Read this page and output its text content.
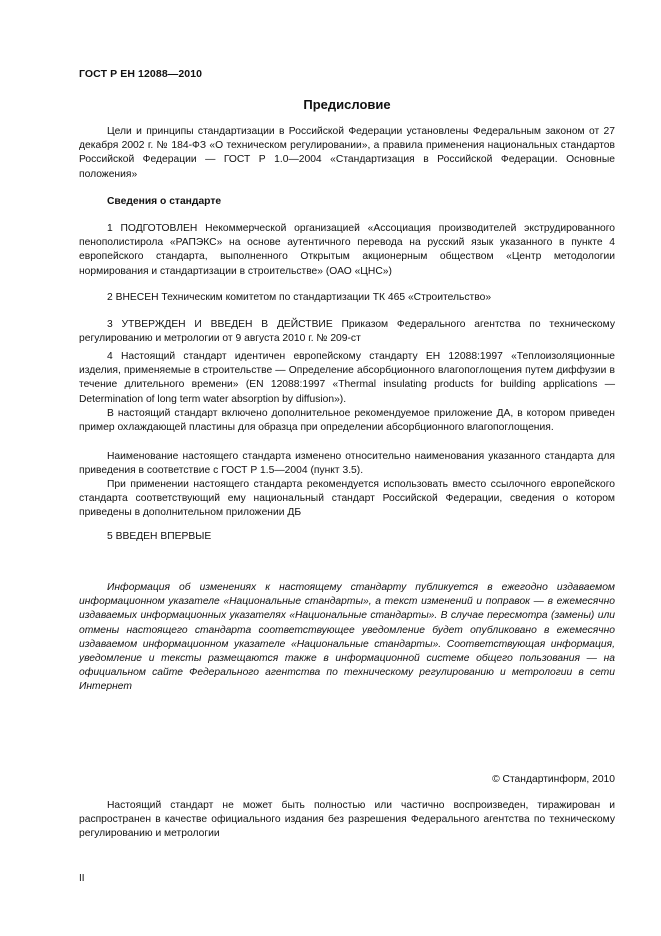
ГОСТ Р ЕН 12088—2010
Предисловие

Цели и принципы стандартизации в Российской Федерации установлены Федеральным законом от 27 декабря 2002 г. № 184-ФЗ «О техническом регулировании», а правила применения национальных стандартов Российской Федерации — ГОСТ Р 1.0—2004 «Стандартизация в Российской Федерации. Основные положения»

Сведения о стандарте

1 ПОДГОТОВЛЕН Некоммерческой организацией «Ассоциация производителей экструдированного пенополистирола «РАПЭКС» на основе аутентичного перевода на русский язык указанного в пункте 4 европейского стандарта, выполненного Открытым акционерным обществом «Центр методологии нормирования и стандартизации в строительстве» (ОАО «ЦНС»)

2 ВНЕСЕН Техническим комитетом по стандартизации ТК 465 «Строительство»

3 УТВЕРЖДЕН И ВВЕДЕН В ДЕЙСТВИЕ Приказом Федерального агентства по техническому регулированию и метрологии от 9 августа 2010 г. № 209-ст

4 Настоящий стандарт идентичен европейскому стандарту ЕН 12088:1997 «Теплоизоляционные изделия, применяемые в строительстве — Определение абсорбционного влагопоглощения путем диффузии в течение длительного времени» (EN 12088:1997 «Thermal insulating products for building applications — Determination of long term water absorption by diffusion»).

В настоящий стандарт включено дополнительное рекомендуемое приложение ДА, в котором приведен пример охлаждающей пластины для образца при определении абсорбционного влагопоглощения.

Наименование настоящего стандарта изменено относительно наименования указанного стандарта для приведения в соответствие с ГОСТ Р 1.5—2004 (пункт 3.5).

При применении настоящего стандарта рекомендуется использовать вместо ссылочного европейского стандарта соответствующий ему национальный стандарт Российской Федерации, сведения о котором приведены в дополнительном приложении ДБ

5 ВВЕДЕН ВПЕРВЫЕ

Информация об изменениях к настоящему стандарту публикуется в ежегодно издаваемом информационном указателе «Национальные стандарты», а текст изменений и поправок — в ежемесячно издаваемых информационных указателях «Национальные стандарты». В случае пересмотра (замены) или отмены настоящего стандарта соответствующее уведомление будет опубликовано в ежемесячно издаваемом информационном указателе «Национальные стандарты». Соответствующая информация, уведомление и тексты размещаются также в информационной системе общего пользования — на официальном сайте Федерального агентства по техническому регулированию и метрологии в сети Интернет

© Стандартинформ, 2010

Настоящий стандарт не может быть полностью или частично воспроизведен, тиражирован и распространен в качестве официального издания без разрешения Федерального агентства по техническому регулированию и метрологии

II
